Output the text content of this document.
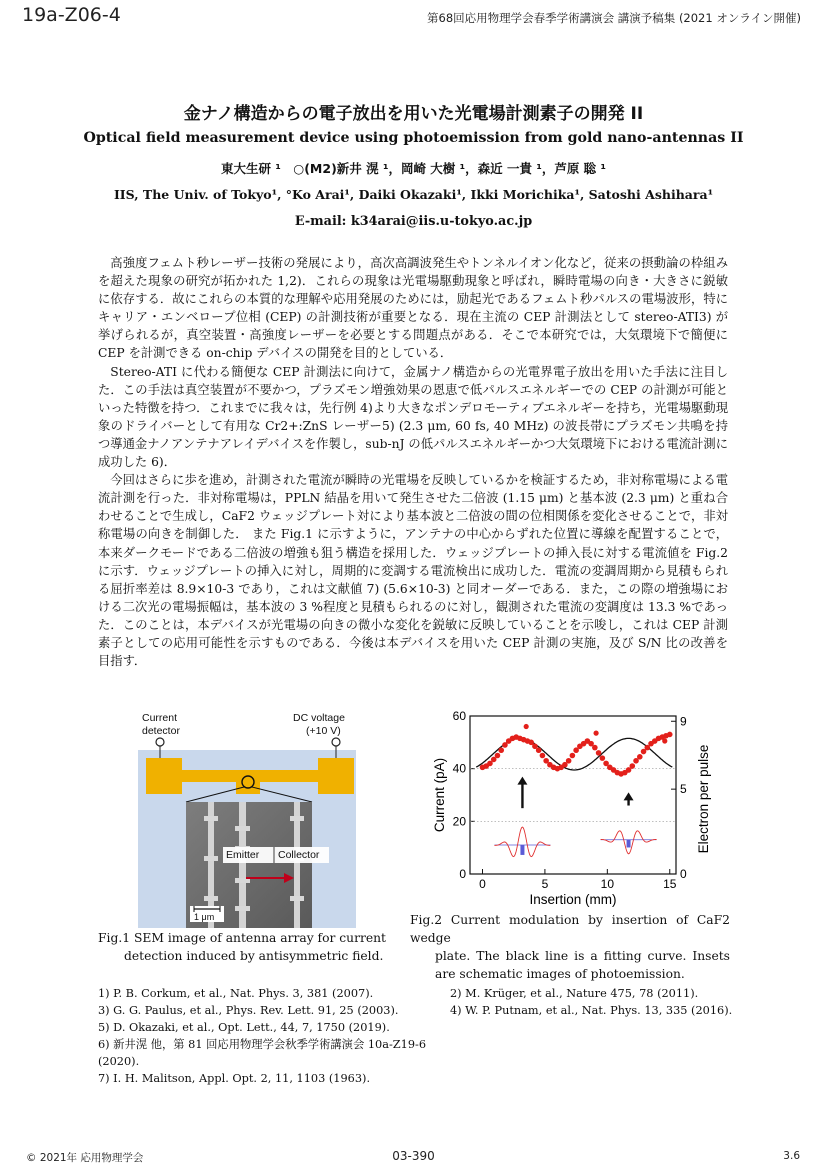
19a-Z06-4	第68回応用物理学会春季学術講演会 講演予稿集 (2021 オンライン開催)
金ナノ構造からの電子放出を用いた光電場計測素子の開発 II
Optical field measurement device using photoemission from gold nano-antennas II
東大生研 ¹　○(M2)新井 滉 ¹，岡崎 大樹 ¹，森近 一貴 ¹，芦原 聡 ¹
IIS, The Univ. of Tokyo¹, °Ko Arai¹, Daiki Okazaki¹, Ikki Morichika¹, Satoshi Ashihara¹
E-mail: k34arai@iis.u-tokyo.ac.jp

高強度フェムト秒レーザー技術の発展により，高次高調波発生やトンネルイオン化など，従来の摂動論の枠組みを超えた現象の研究が拓かれた 1,2)．これらの現象は光電場駆動現象と呼ばれ，瞬時電場の向き・大きさに鋭敏に依存する．故にこれらの本質的な理解や応用発展のためには，励起光であるフェムト秒パルスの電場波形，特にキャリア・エンベロープ位相 (CEP) の計測技術が重要となる．現在主流の CEP 計測法として stereo-ATI3) が挙げられるが，真空装置・高強度レーザーを必要とする問題点がある．そこで本研究では，大気環境下で簡便に CEP を計測できる on-chip デバイスの開発を目的としている．

Stereo-ATI に代わる簡便な CEP 計測法に向けて，金属ナノ構造からの光電界電子放出を用いた手法に注目した．この手法は真空装置が不要かつ，プラズモン増強効果の恩恵で低パルスエネルギーでの CEP の計測が可能といった特徴を持つ．これまでに我々は，先行例 4)より大きなポンデロモーティブエネルギーを持ち，光電場駆動現象のドライバーとして有用な Cr2+:ZnS レーザー5) (2.3 μm, 60 fs, 40 MHz) の波長帯にプラズモン共鳴を持つ導通金ナノアンテナアレイデバイスを作製し，sub-nJ の低パルスエネルギーかつ大気環境下における電流計測に成功した 6)．

今回はさらに歩を進め，計測された電流が瞬時の光電場を反映しているかを検証するため，非対称電場による電流計測を行った．非対称電場は，PPLN 結晶を用いて発生させた二倍波 (1.15 μm) と基本波 (2.3 μm) と重ね合わせることで生成し，CaF2 ウェッジプレート対により基本波と二倍波の間の位相関係を変化させることで，非対称電場の向きを制御した． また Fig.1 に示すように，アンテナの中心からずれた位置に導線を配置することで，本来ダークモードである二倍波の増強も狙う構造を採用した．ウェッジプレートの挿入長に対する電流値を Fig.2 に示す．ウェッジプレートの挿入に対し，周期的に変調する電流検出に成功した．電流の変調周期から見積もられる屈折率差は 8.9×10-3 であり，これは文献値 7) (5.6×10-3) と同オーダーである．また，この際の増強場における二次光の電場振幅は，基本波の 3 %程度と見積もられるのに対し，観測された電流の変調度は 13.3 %であった．このことは，本デバイスが光電場の向きの微小な変化を鋭敏に反映していることを示唆し，これは CEP 計測素子としての応用可能性を示すものである．今後は本デバイスを用いた CEP 計測の実施，及び S/N 比の改善を目指す．

Current
detector
DC voltage
(+10 V)
Emitter Collector
1 μm
Fig.1 SEM image of antenna array for current
detection induced by antisymmetric field.
0	5	10	15
0
20
40
60
0
5
9
Insertion (mm)
Current (pA)	Electron per pulse
Fig.2 Current modulation by insertion of CaF2 wedge
plate. The black line is a fitting curve. Insets are schematic images of photoemission.
1) P. B. Corkum, et al., Nat. Phys. 3, 381 (2007).	2) M. Krüger, et al., Nature 475, 78 (2011).
3) G. G. Paulus, et al., Phys. Rev. Lett. 91, 25 (2003).	4) W. P. Putnam, et al., Nat. Phys. 13, 335 (2016).
5) D. Okazaki, et al., Opt. Lett., 44, 7, 1750 (2019).
6) 新井滉 他，第 81 回応用物理学会秋季学術講演会 10a-Z19-6 (2020).
7) I. H. Malitson, Appl. Opt. 2, 11, 1103 (1963).
© 2021年 応用物理学会	03-390	3.6
